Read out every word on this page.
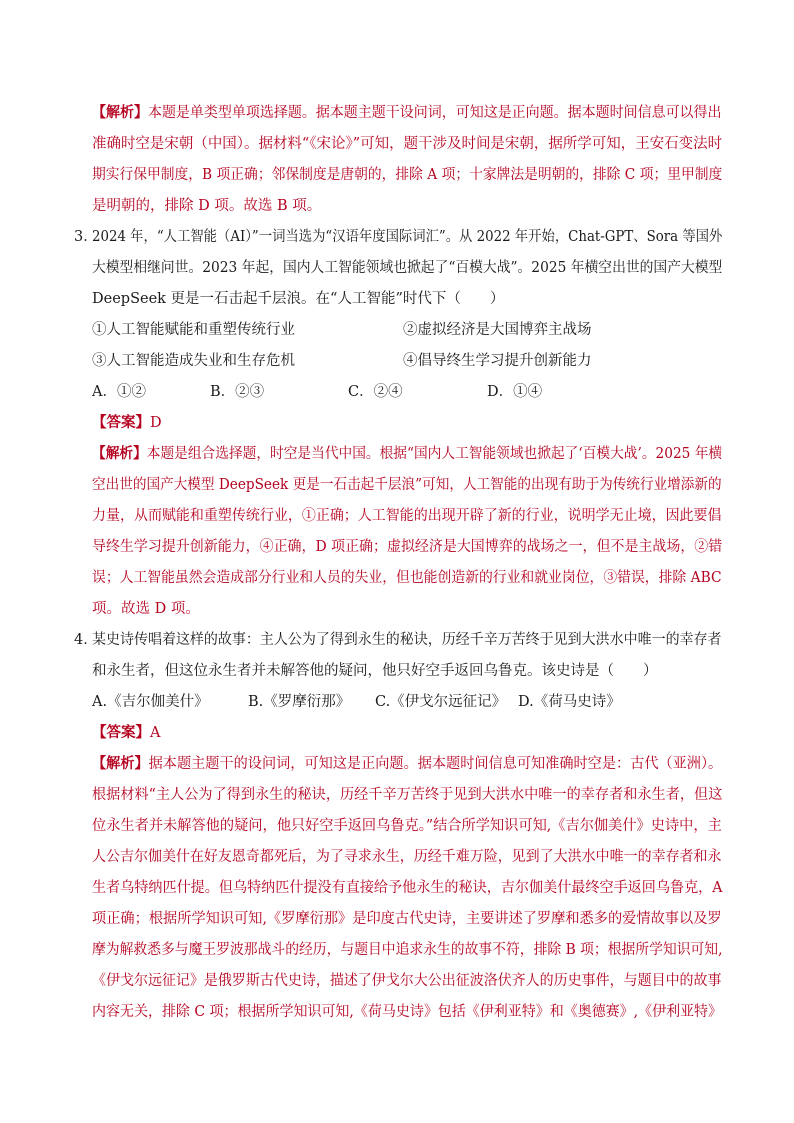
【解析】本题是单类型单项选择题。据本题主题干设问词，可知这是正向题。据本题时间信息可以得出
准确时空是宋朝（中国）。据材料“《宋论》”可知，题干涉及时间是宋朝，据所学可知，王安石变法时
期实行保甲制度，B 项正确；邻保制度是唐朝的，排除 A 项；十家牌法是明朝的，排除 C 项；里甲制度
是明朝的，排除 D 项。故选 B 项。
3．
2024 年，“人工智能（AI）”一词当选为“汉语年度国际词汇”。从 2022 年开始，Chat-GPT、Sora 等国外
大模型相继问世。2023 年起，国内人工智能领域也掀起了“百模大战”。2025 年横空出世的国产大模型
DeepSeek 更是一石击起千层浪。在“人工智能”时代下（　　）
①人工智能赋能和重塑传统行业	②虚拟经济是大国博弈主战场
③人工智能造成失业和生存危机	④倡导终生学习提升创新能力
A．①②	B．②③	C．②④	D．①④
【答案】D
【解析】本题是组合选择题，时空是当代中国。根据“国内人工智能领域也掀起了‘百模大战’。2025 年横
空出世的国产大模型 DeepSeek 更是一石击起千层浪”可知，人工智能的出现有助于为传统行业增添新的
力量，从而赋能和重塑传统行业，①正确；人工智能的出现开辟了新的行业，说明学无止境，因此要倡
导终生学习提升创新能力，④正确，D 项正确；虚拟经济是大国博弈的战场之一，但不是主战场，②错
误；人工智能虽然会造成部分行业和人员的失业，但也能创造新的行业和就业岗位，③错误，排除 ABC
项。故选 D 项。
4．
某史诗传唱着这样的故事：主人公为了得到永生的秘诀，历经千辛万苦终于见到大洪水中唯一的幸存者
和永生者，但这位永生者并未解答他的疑问，他只好空手返回乌鲁克。该史诗是（　　）
A.《吉尔伽美什》	B.《罗摩衍那》 C.《伊戈尔远征记》 D.《荷马史诗》
【答案】A
【解析】据本题主题干的设问词，可知这是正向题。据本题时间信息可知准确时空是：古代（亚洲）。
根据材料“主人公为了得到永生的秘诀，历经千辛万苦终于见到大洪水中唯一的幸存者和永生者，但这
位永生者并未解答他的疑问，他只好空手返回乌鲁克。”结合所学知识可知,《吉尔伽美什》史诗中，主
人公吉尔伽美什在好友恩奇都死后，为了寻求永生，历经千难万险，见到了大洪水中唯一的幸存者和永
生者乌特纳匹什提。但乌特纳匹什提没有直接给予他永生的秘诀，吉尔伽美什最终空手返回乌鲁克，A
项正确；根据所学知识可知,《罗摩衍那》是印度古代史诗，主要讲述了罗摩和悉多的爱情故事以及罗
摩为解救悉多与魔王罗波那战斗的经历，与题目中追求永生的故事不符，排除 B 项；根据所学知识可知,
《伊戈尔远征记》是俄罗斯古代史诗，描述了伊戈尔大公出征波洛伏齐人的历史事件，与题目中的故事
内容无关，排除 C 项；根据所学知识可知,《荷马史诗》包括《伊利亚特》和《奥德赛》,《伊利亚特》
